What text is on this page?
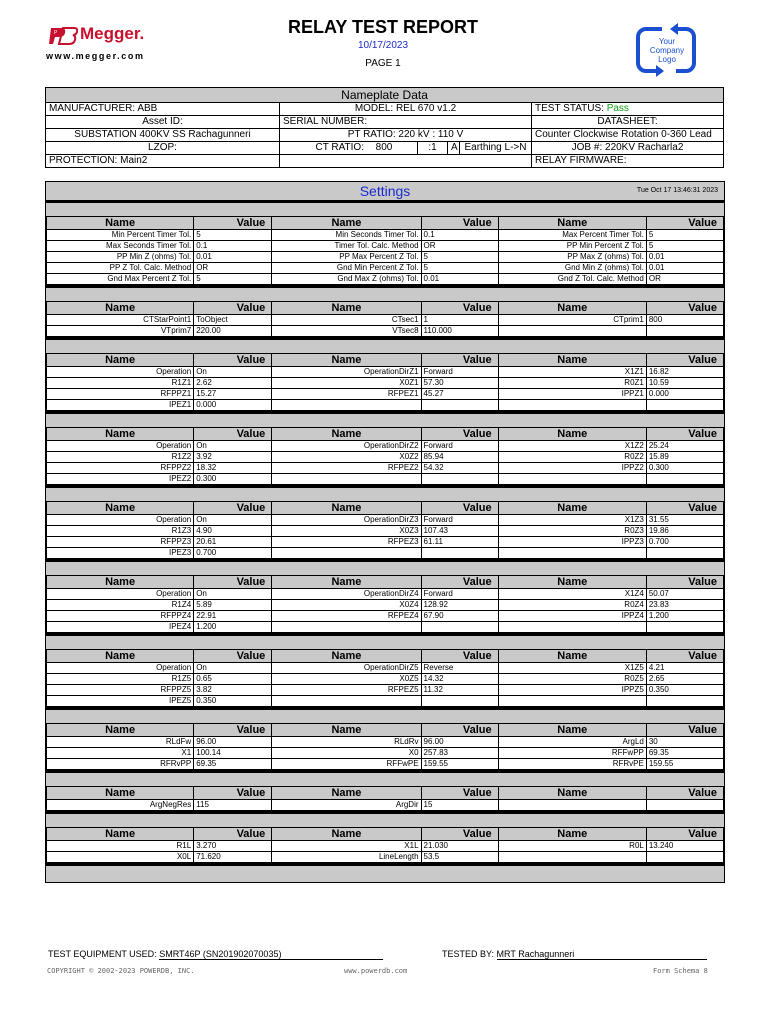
P Megger.
www.megger.com
RELAY TEST REPORT
10/17/2023
PAGE 1
Your
Company
Logo
Nameplate Data					
MANUFACTURER: ABB	MODEL: REL 670 v1.2				TEST STATUS: Pass
Asset ID:	SERIAL NUMBER:				DATASHEET:
SUBSTATION 400KV SS Rachagunneri	PT RATIO: 220 kV : 110 V				Counter Clockwise Rotation 0-360 Lead
LZOP:	CT RATIO: 800	:1	A	Earthing L->N	JOB #: 220KV Racharla2
PROTECTION: Main2					RELAY FIRMWARE:
Settings	Tue Oct 17 13:46:31 2023
Name	Value	Name	Value	Name	Value
Min Percent Timer Tol.	5	Min Seconds Timer Tol.	0.1	Max Percent Timer Tol.	5
Max Seconds Timer Tol.	0.1	Timer Tol. Calc. Method	OR	PP Min Percent Z Tol.	5
PP Min Z (ohms) Tol.	0.01	PP Max Percent Z Tol.	5	PP Max Z (ohms) Tol.	0.01
PP Z Tol. Calc. Method	OR	Gnd Min Percent Z Tol.	5	Gnd Min Z (ohms) Tol.	0.01
Gnd Max Percent Z Tol.	5	Gnd Max Z (ohms) Tol.	0.01	Gnd Z Tol. Calc. Method	OR
Name	Value	Name	Value	Name	Value
CTStarPoint1	ToObject	CTsec1	1	CTprim1	800
VTprim7	220.00	VTsec8	110.000		
Name	Value	Name	Value	Name	Value
Operation	On	OperationDirZ1	Forward	X1Z1	16.82
R1Z1	2.62	X0Z1	57.30	R0Z1	10.59
RFPPZ1	15.27	RFPEZ1	45.27	IPPZ1	0.000
IPEZ1	0.000				
Name	Value	Name	Value	Name	Value
Operation	On	OperationDirZ2	Forward	X1Z2	25.24
R1Z2	3.92	X0Z2	85.94	R0Z2	15.89
RFPPZ2	18.32	RFPEZ2	54.32	IPPZ2	0.300
IPEZ2	0.300				
Name	Value	Name	Value	Name	Value
Operation	On	OperationDirZ3	Forward	X1Z3	31.55
R1Z3	4.90	X0Z3	107.43	R0Z3	19.86
RFPPZ3	20.61	RFPEZ3	61.11	IPPZ3	0.700
IPEZ3	0.700				
Name	Value	Name	Value	Name	Value
Operation	On	OperationDirZ4	Forward	X1Z4	50.07
R1Z4	5.89	X0Z4	128.92	R0Z4	23.83
RFPPZ4	22.91	RFPEZ4	67.90	IPPZ4	1.200
IPEZ4	1.200				
Name	Value	Name	Value	Name	Value
Operation	On	OperationDirZ5	Reverse	X1Z5	4.21
R1Z5	0.65	X0Z5	14.32	R0Z5	2.65
RFPPZ5	3.82	RFPEZ5	11.32	IPPZ5	0.350
IPEZ5	0.350				
Name	Value	Name	Value	Name	Value
RLdFw	96.00	RLdRv	96.00	ArgLd	30
X1	100.14	X0	257.83	RFFwPP	69.35
RFRvPP	69.35	RFFwPE	159.55	RFRvPE	159.55
Name	Value	Name	Value	Name	Value
ArgNegRes	115	ArgDir	15		
Name	Value	Name	Value	Name	Value
R1L	3.270	X1L	21.030	R0L	13.240
X0L	71.620	LineLength	53.5		
TEST EQUIPMENT USED: SMRT46P (SN201902070035)	TESTED BY: MRT Rachagunneri
COPYRIGHT © 2002-2023 POWERDB, INC.	www.powerdb.com	Form Schema 8
